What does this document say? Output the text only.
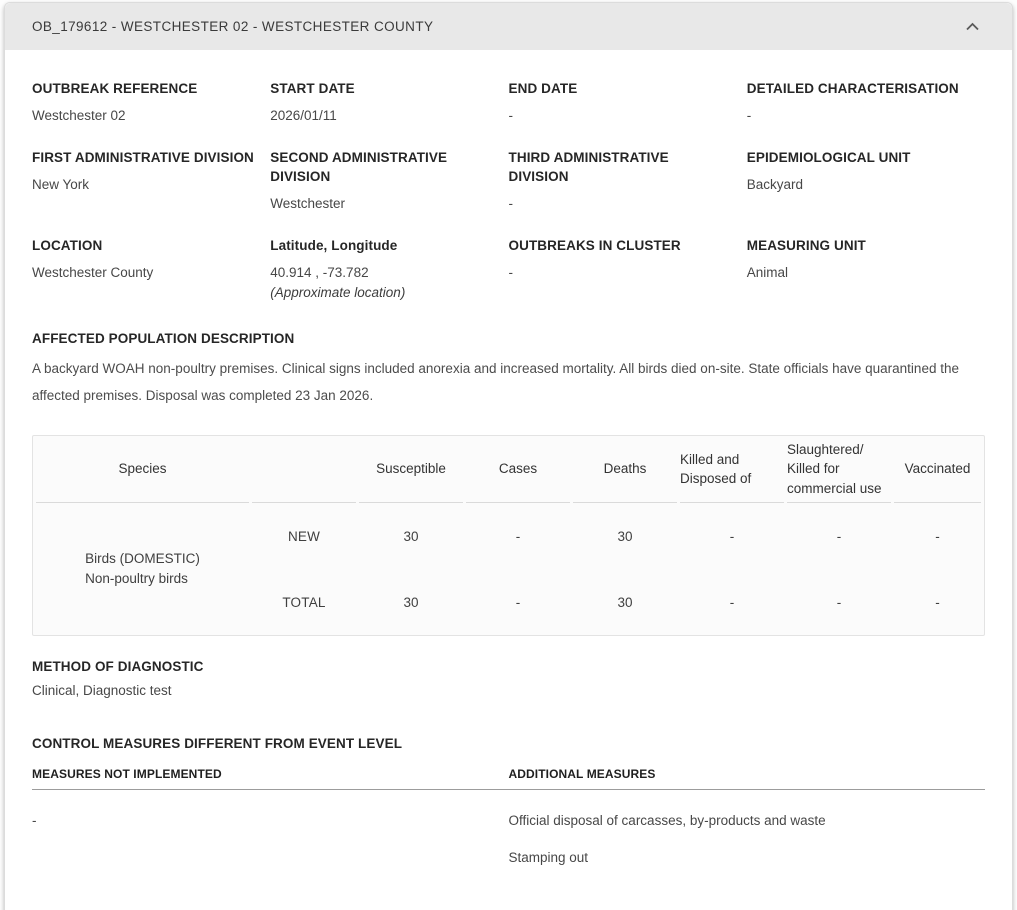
OB_179612 - WESTCHESTER 02 - WESTCHESTER COUNTY
OUTBREAK REFERENCE
Westchester 02
START DATE
2026/01/11
END DATE
-
DETAILED CHARACTERISATION
-
FIRST ADMINISTRATIVE DIVISION
New York
SECOND ADMINISTRATIVE DIVISION
Westchester
THIRD ADMINISTRATIVE DIVISION
-
EPIDEMIOLOGICAL UNIT
Backyard
LOCATION
Westchester County
Latitude, Longitude
40.914 , -73.782
(Approximate location)
OUTBREAKS IN CLUSTER
-
MEASURING UNIT
Animal
AFFECTED POPULATION DESCRIPTION
A backyard WOAH non-poultry premises. Clinical signs included anorexia and increased mortality. All birds died on-site. State officials have quarantined the affected premises. Disposal was completed 23 Jan 2026.
Species		Susceptible	Cases	Deaths	Killed and Disposed of	Slaughtered/ Killed for commercial use	Vaccinated

Birds (DOMESTIC)
Non-poultry birds	NEW	30	-	30	-	-	-
	TOTAL	30	-	30	-	-	-
METHOD OF DIAGNOSTIC
Clinical, Diagnostic test
CONTROL MEASURES DIFFERENT FROM EVENT LEVEL
MEASURES NOT IMPLEMENTED
-
ADDITIONAL MEASURES
Official disposal of carcasses, by-products and waste
Stamping out
